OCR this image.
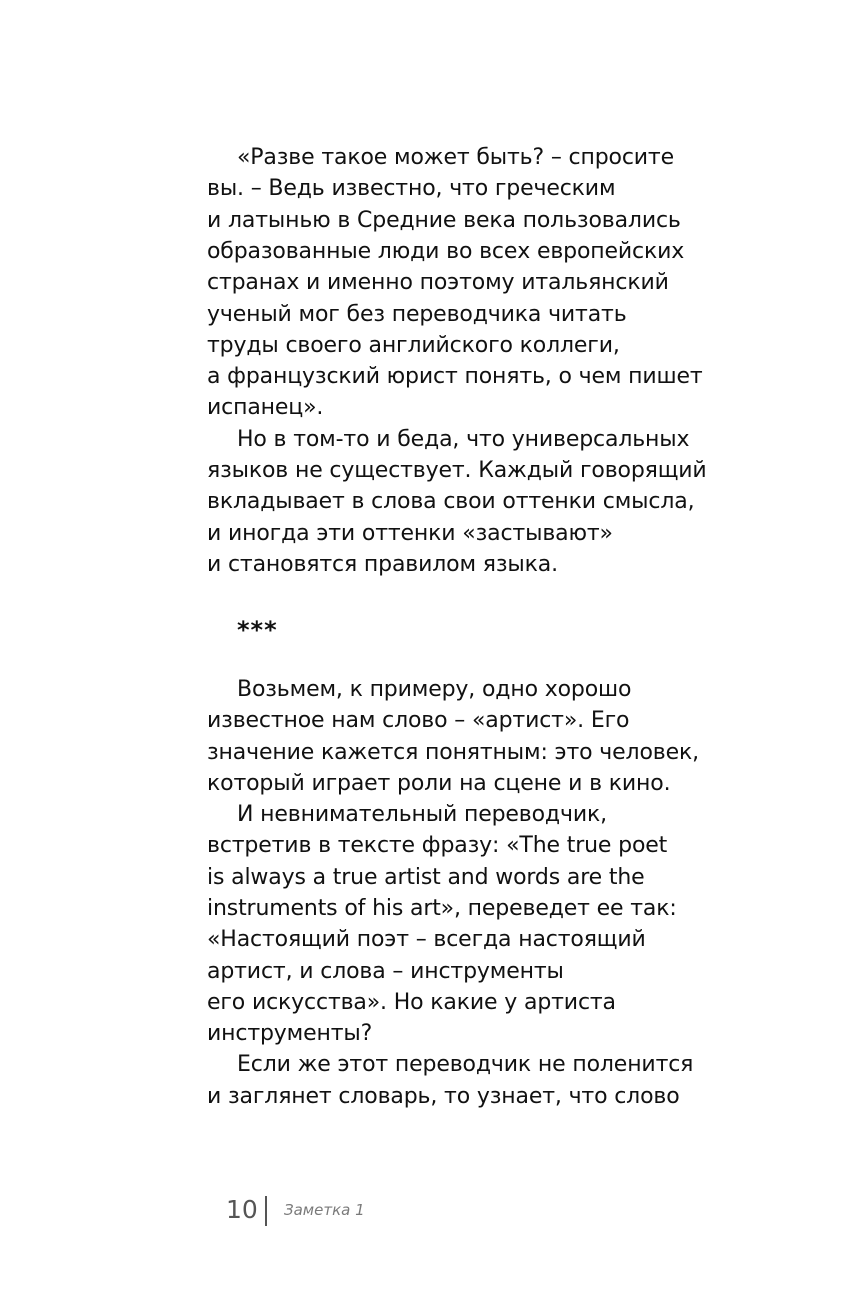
«Разве такое может быть? – спросите
вы. – Ведь известно, что греческим
и латынью в Средние века пользовались
образованные люди во всех европейских
странах и именно поэтому итальянский
ученый мог без переводчика читать
труды своего английского коллеги,
а французский юрист понять, о чем пишет
испанец».
Но в том-то и беда, что универсальных
языков не существует. Каждый говорящий
вкладывает в слова свои оттенки смысла,
и иногда эти оттенки «застывают»
и становятся правилом языка.
***
Возьмем, к примеру, одно хорошо
известное нам слово – «артист». Его
значение кажется понятным: это человек,
который играет роли на сцене и в кино.
И невнимательный переводчик,
встретив в тексте фразу: «The true poet
is always a true artist and words are the
instruments of his art», переведет ее так:
«Настоящий поэт – всегда настоящий
артист, и слова – инструменты
его искусства». Но какие у артиста
инструменты?
Если же этот переводчик не поленится
и заглянет словарь, то узнает, что слово
10 Заметка 1
